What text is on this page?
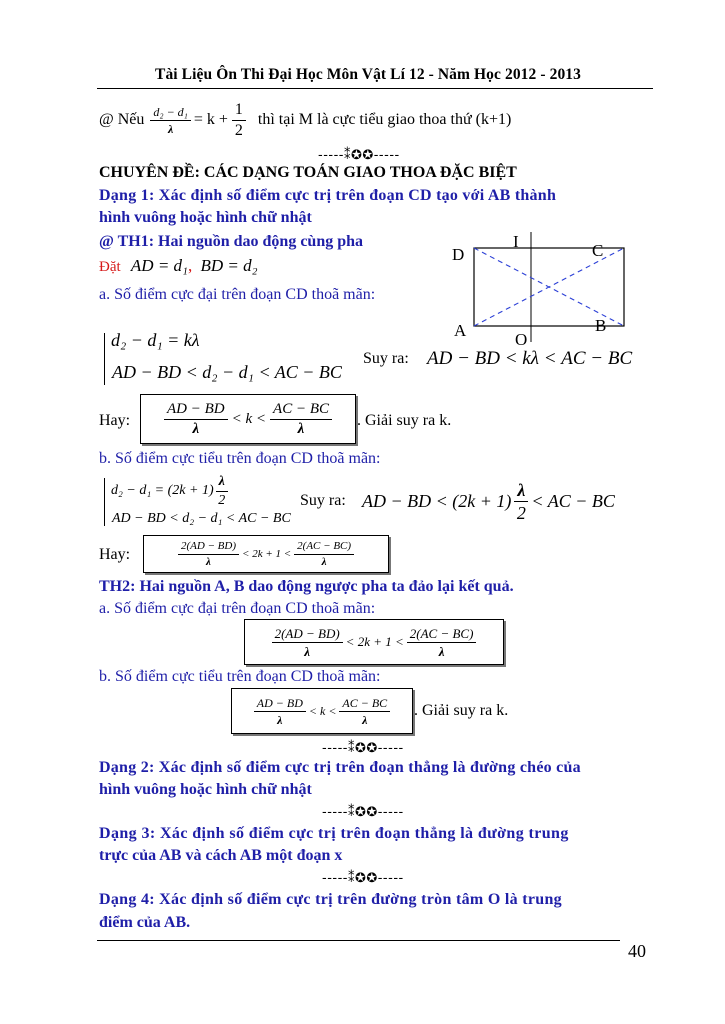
Tài Liệu Ôn Thi Đại Học Môn Vật Lí 12 - Năm Học 2012 - 2013
@ Nếu $\frac{\text{d₂ − d₁}}{\lambda} = k + \frac{1}{2}$ thì tại M là cực tiểu giao thoa thứ (k+1)
-----⁑✪✪-----
CHUYÊN ĐỀ: CÁC DẠNG TOÁN GIAO THOA ĐẶC BIỆT
Dạng 1: Xác định số điểm cực trị trên đoạn CD tạo với AB thành
hình vuông hoặc hình chữ nhật
@ TH1: Hai nguồn dao động cùng pha
Đặt AD = d₁, BD = d₂
a. Số điểm cực đại trên đoạn CD thoã mãn:
D
I	C
A	O
B
d₂ − d₁ = kλ
AD − BD < d₂ − d₁ < AC − BC
Suy ra: AD − BD < kλ < AC − BC
Hay: $\frac{AD - BD}{\lambda} < k < \frac{AC - BC}{\lambda}$ . Giải suy ra k.
b. Số điểm cực tiểu trên đoạn CD thoã mãn:
$d_2 - d_1 = (2k + 1) \frac{\lambda}{2}$
AD − BD < d₂ − d₁ < AC − BC
Suy ra: AD − BD < $(2k + 1) \frac{\lambda}{2}$ < AC − BC
Hay:	$\frac{2(AD - BD)}{\lambda} < 2k + 1 < \frac{2(AC - BC)}{\lambda}$
TH2: Hai nguồn A, B dao động ngược pha ta đảo lại kết quả.
a. Số điểm cực đại trên đoạn CD thoã mãn:
$\frac{2(AD - BD)}{\lambda} < 2k + 1 < \frac{2(AC - BC)}{\lambda}$
b. Số điểm cực tiểu trên đoạn CD thoã mãn:
$\frac{AD - BD}{\lambda} < k < \frac{AC - BC}{\lambda}$ . Giải suy ra k.
-----⁑✪✪-----
Dạng 2: Xác định số điểm cực trị trên đoạn thẳng là đường chéo của
hình vuông hoặc hình chữ nhật
-----⁑✪✪-----
Dạng 3: Xác định số điểm cực trị trên đoạn thẳng là đường trung
trực của AB và cách AB một đoạn x
-----⁑✪✪-----
Dạng 4: Xác định số điểm cực trị trên đường tròn tâm O là trung
điểm của AB.
40
